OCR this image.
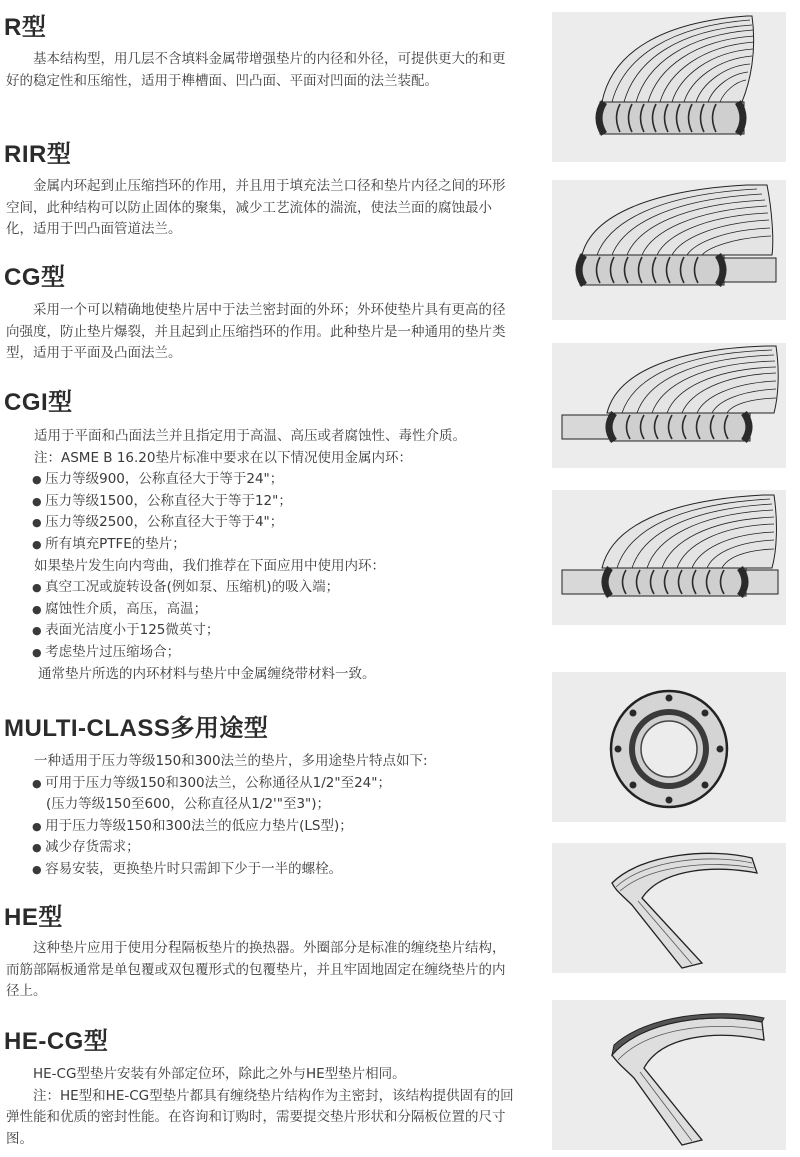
R型

基本结构型，用几层不含填料金属带增强垫片的内径和外径，可提供更大的和更好的稳定性和压缩性，适用于榫槽面、凹凸面、平面对凹面的法兰装配。

RIR型

金属内环起到止压缩挡环的作用，并且用于填充法兰口径和垫片内径之间的环形空间，此种结构可以防止固体的聚集，减少工艺流体的湍流，使法兰面的腐蚀最小化，适用于凹凸面管道法兰。

CG型

采用一个可以精确地使垫片居中于法兰密封面的外环；外环使垫片具有更高的径向强度，防止垫片爆裂，并且起到止压缩挡环的作用。此种垫片是一种通用的垫片类型，适用于平面及凸面法兰。

CGI型
适用于平面和凸面法兰并且指定用于高温、高压或者腐蚀性、毒性介质。
注：ASME B 16.20垫片标准中要求在以下情况使用金属内环：
● 压力等级900，公称直径大于等于24"；
● 压力等级1500，公称直径大于等于12"；
● 压力等级2500，公称直径大于等于4"；
● 所有填充PTFE的垫片；
如果垫片发生向内弯曲，我们推荐在下面应用中使用内环：
● 真空工况或旋转设备(例如泵、压缩机)的吸入端；
● 腐蚀性介质，高压，高温；
● 表面光洁度小于125微英寸；
● 考虑垫片过压缩场合；
通常垫片所选的内环材料与垫片中金属缠绕带材料一致。
MULTI-CLASS多用途型
一种适用于压力等级150和300法兰的垫片，多用途垫片特点如下:
● 可用于压力等级150和300法兰，公称通径从1/2"至24"；
(压力等级150至600，公称直径从1/2'"至3")；
● 用于压力等级150和300法兰的低应力垫片(LS型)；
● 减少存货需求；
● 容易安装，更换垫片时只需卸下少于一半的螺栓。
HE型

这种垫片应用于使用分程隔板垫片的换热器。外圈部分是标准的缠绕垫片结构，而筋部隔板通常是单包覆或双包覆形式的包覆垫片，并且牢固地固定在缠绕垫片的内径上。

HE-CG型

HE-CG型垫片安装有外部定位环，除此之外与HE型垫片相同。

注：HE型和HE-CG型垫片都具有缠绕垫片结构作为主密封，该结构提供固有的回弹性能和优质的密封性能。在咨询和订购时，需要提交垫片形状和分隔板位置的尺寸图。
